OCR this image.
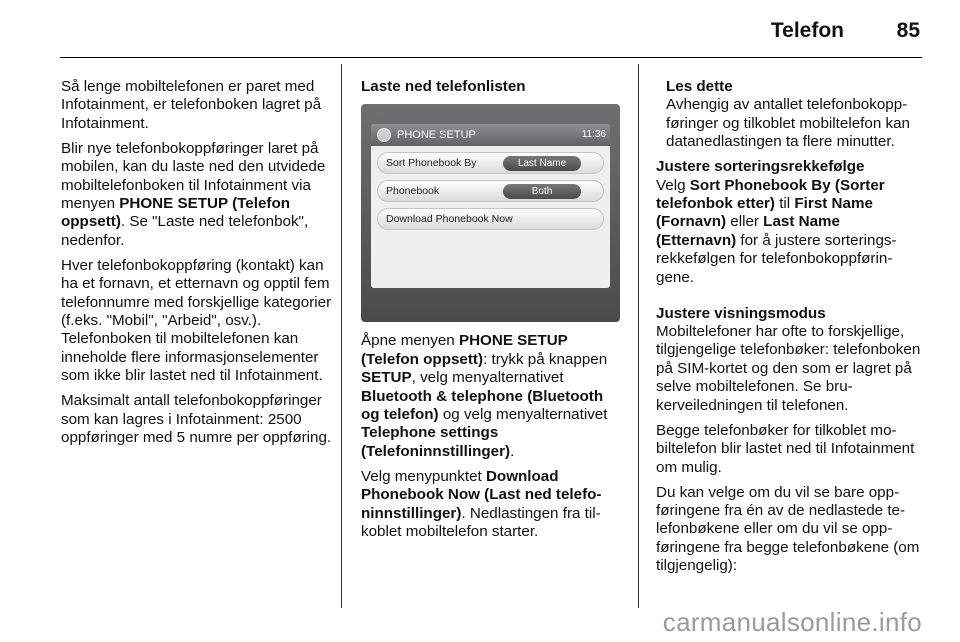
Telefon	85

Så lenge mobiltelefonen er paret med Infotainment, er telefonboken lagret på Infotainment.

Blir nye telefonbokoppføringer laret på mobilen, kan du laste ned den utvidede mobiltelefonboken til Infotainment via menyen PHONE SETUP (Telefon oppsett). Se "Laste ned telefonbok", nedenfor.

Hver telefonbokoppføring (kontakt) kan ha et fornavn, et etternavn og opptil fem telefonnumre med forskjellige kategorier (f.eks. "Mobil", "Arbeid", osv.). Telefonboken til mobiltelefonen kan inneholde flere informasjonselementer som ikke blir lastet ned til Infotainment.

Maksimalt antall telefonbokoppføringer som kan lagres i Infotainment: 2500 oppføringer med 5 numre per oppføring.

Laste ned telefonlisten

PHONE SETUP	11:36
Sort Phonebook By	Last Name
Phonebook	Both
Download Phonebook Now

Åpne menyen PHONE SETUP (Telefon oppsett): trykk på knappen SETUP, velg menyalternativet Bluetooth & telephone (Bluetooth og telefon) og velg menyalternativet Telephone settings (Telefoninnstillinger).

Velg menypunktet Download Phonebook Now (Last ned telefoninnstillinger). Nedlastingen fra tilkoblet mobiltelefon starter.

Les dette
Avhengig av antallet telefonbokoppføringer og tilkoblet mobiltelefon kan datanedlastingen ta flere minutter.

Justere sorteringsrekkefølge

Velg Sort Phonebook By (Sorter telefonbok etter) til First Name (Fornavn) eller Last Name (Etternavn) for å justere sorteringsrekkefølgen for telefonbokoppføringene.

Justere visningsmodus

Mobiltelefoner har ofte to forskjellige, tilgjengelige telefonbøker: telefonboken på SIM-kortet og den som er lagret på selve mobiltelefonen. Se brukerveiledningen til telefonen.

Begge telefonbøker for tilkoblet mobiltelefon blir lastet ned til Infotainment om mulig.

Du kan velge om du vil se bare oppføringene fra én av de nedlastede telefonbøkene eller om du vil se oppføringene fra begge telefonbøkene (om tilgjengelig):

carmanualsonline.info
